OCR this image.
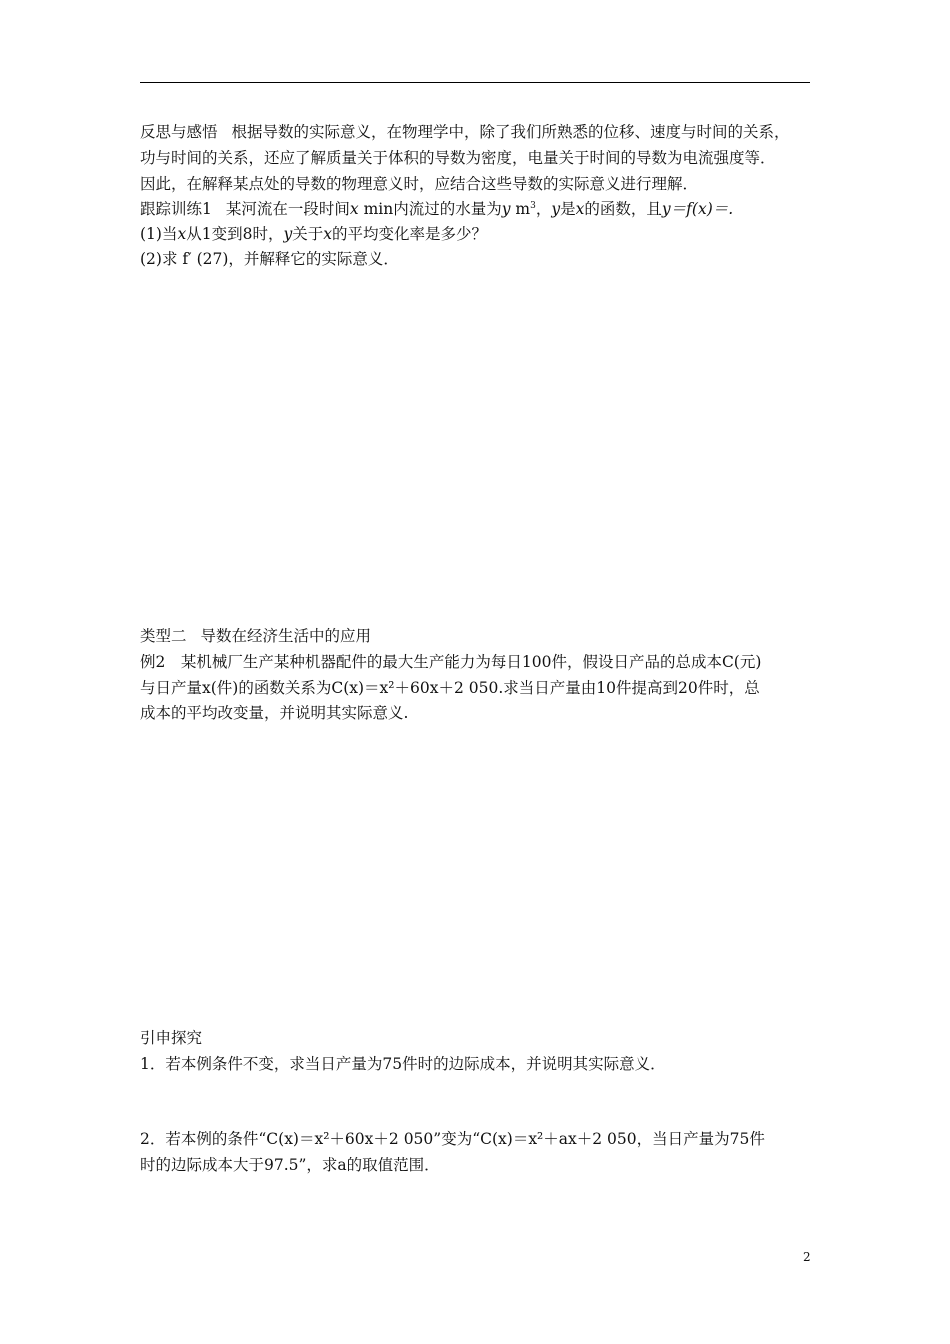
反思与感悟 根据导数的实际意义，在物理学中，除了我们所熟悉的位移、速度与时间的关系，
功与时间的关系，还应了解质量关于体积的导数为密度，电量关于时间的导数为电流强度等．
因此，在解释某点处的导数的物理意义时，应结合这些导数的实际意义进行理解．
跟踪训练1 某河流在一段时间x min内流过的水量为y $m^3$，y是x的函数，且y＝f(x)＝.
(1)当x从1变到8时，y关于x的平均变化率是多少？
(2)求 f′ (27)，并解释它的实际意义．
类型二 导数在经济生活中的应用
例2　某机械厂生产某种机器配件的最大生产能力为每日100件，假设日产品的总成本C(元)
与日产量x(件)的函数关系为C(x)＝x²＋60x＋2 050.求当日产量由10件提高到20件时，总
成本的平均改变量，并说明其实际意义.
引申探究
1．若本例条件不变，求当日产量为75件时的边际成本，并说明其实际意义．
2．若本例的条件“C(x)＝x²＋60x＋2 050”变为“C(x)＝x²＋ax＋2 050，当日产量为75件
时的边际成本大于97.5”，求a的取值范围．
2
